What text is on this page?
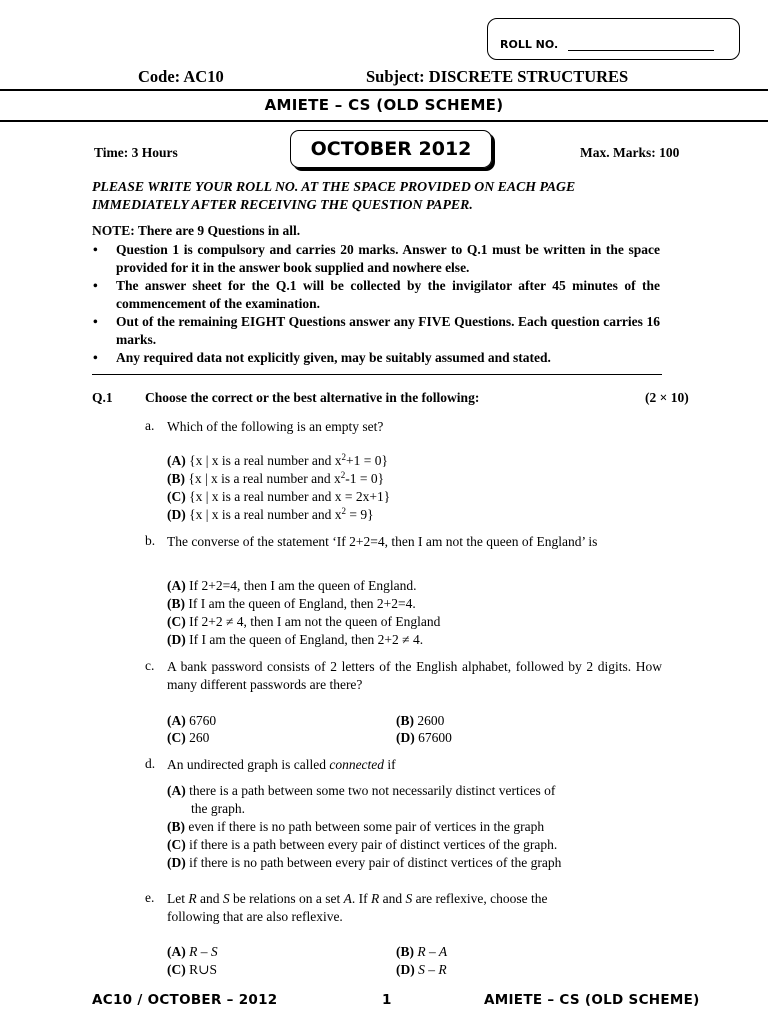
ROLL NO.
Code: AC10	Subject: DISCRETE STRUCTURES
AMIETE – CS (OLD SCHEME)
Time: 3 Hours	OCTOBER 2012	Max. Marks: 100
PLEASE WRITE YOUR ROLL NO. AT THE SPACE PROVIDED ON EACH PAGE
IMMEDIATELY AFTER RECEIVING THE QUESTION PAPER.
NOTE: There are 9 Questions in all.
• Question 1 is compulsory and carries 20 marks. Answer to Q.1 must be written in the space provided for it in the answer book supplied and nowhere else.
• The answer sheet for the Q.1 will be collected by the invigilator after 45 minutes of the commencement of the examination.
• Out of the remaining EIGHT Questions answer any FIVE Questions. Each question carries 16 marks.
• Any required data not explicitly given, may be suitably assumed and stated.
Q.1 Choose the correct or the best alternative in the following:	(2 × 10)
a. Which of the following is an empty set?
(A) {x | x is a real number and $x^2+1 = 0$}
(B) {x | x is a real number and $x^2-1 = 0$}
(C) {x | x is a real number and x = 2x+1}
(D) {x | x is a real number and $x^2 = 9$}
b. The converse of the statement ‘If 2+2=4, then I am not the queen of England’ is
(A) If 2+2=4, then I am the queen of England.
(B) If I am the queen of England, then 2+2=4.
(C) If 2+2 ≠ 4, then I am not the queen of England
(D) If I am the queen of England, then 2+2 ≠ 4.
c. A bank password consists of 2 letters of the English alphabet, followed by 2 digits. How many different passwords are there?
(A) 6760	(B) 2600
(C) 260	(D) 67600
d. An undirected graph is called connected if
(A) there is a path between some two not necessarily distinct vertices of
the graph.
(B) even if there is no path between some pair of vertices in the graph
(C) if there is a path between every pair of distinct vertices of the graph.
(D) if there is no path between every pair of distinct vertices of the graph
e. Let R and S be relations on a set A. If R and S are reflexive, choose the
following that are also reflexive.
(A) R – S	(B) R – A
(C) R∪S	(D) S – R
AC10 / OCTOBER – 2012	1	AMIETE – CS (OLD SCHEME)
